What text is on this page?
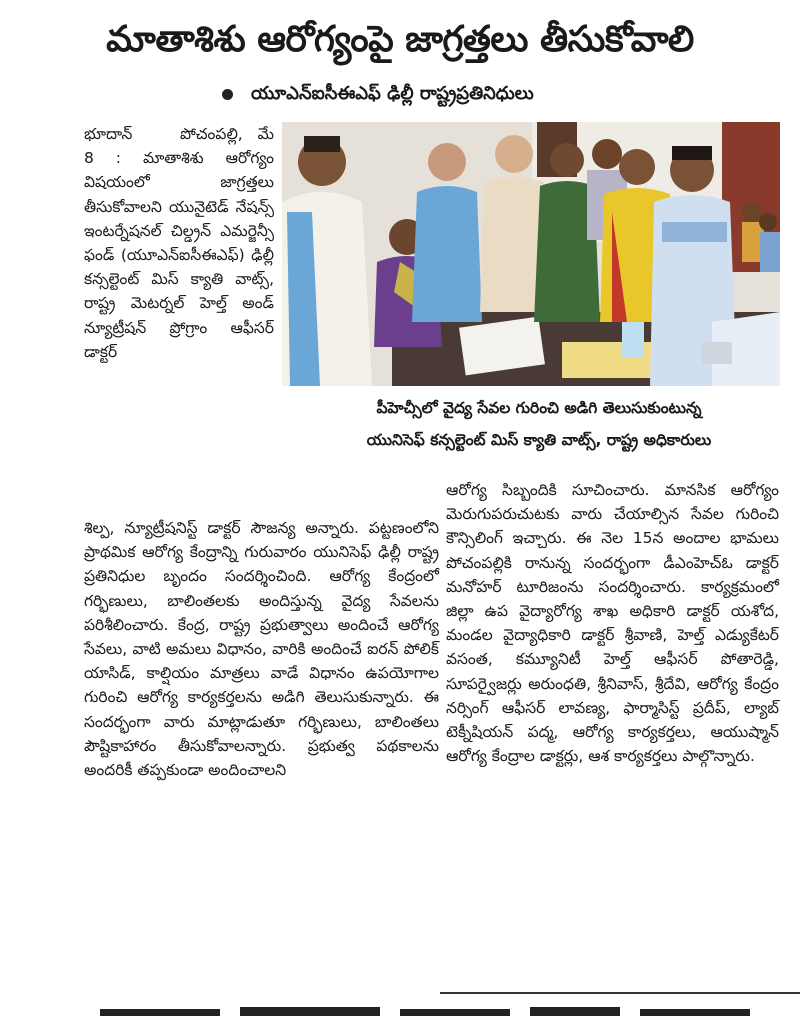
మాతాశిశు ఆరోగ్యంపై జాగ్రత్తలు తీసుకోవాలి
యూఎన్ఐసీఈఎఫ్ ఢిల్లీ రాష్ట్రప్రతినిధులు

భూదాన్	పోచంపల్లి, మే 8 : మాతాశిశు ఆరోగ్యం విషయంలో జాగ్రత్తలు తీసుకోవాలని యునైటెడ్ నేషన్స్ ఇంటర్నేషనల్ చిల్డ్రన్ ఎమర్జెన్సీ ఫండ్ (యూఎన్ఐసీఈఎఫ్) ఢిల్లీ కన్సల్టెంట్ మిస్ క్యాతి వాట్స్, రాష్ట్ర మెటర్నల్ హెల్త్ అండ్ న్యూట్రీషన్ ప్రోగ్రాం ఆఫీసర్ డాక్టర్

పీహెచ్సీలో వైద్య సేవల గురించి అడిగి తెలుసుకుంటున్న
యునిసెఫ్ కన్సల్టెంట్ మిస్ క్యాతి వాట్స్, రాష్ట్ర అధికారులు

శిల్ప, న్యూట్రీషనిస్ట్ డాక్టర్ సౌజన్య అన్నారు. పట్టణంలోని ప్రాథమిక ఆరోగ్య కేంద్రాన్ని గురువారం యునిసెఫ్ ఢిల్లీ రాష్ట్ర ప్రతినిధుల బృందం సందర్శించింది. ఆరోగ్య కేంద్రంలో గర్భిణులు, బాలింతలకు అందిస్తున్న వైద్య సేవలను పరిశీలించారు. కేంద్ర, రాష్ట్ర ప్రభుత్వాలు అందించే ఆరోగ్య సేవలు, వాటి అమలు విధానం, వారికి అందించే ఐరన్ పోలిక్ యాసిడ్, కాల్షియం మాత్రలు వాడే విధానం ఉపయోగాల గురించి ఆరోగ్య కార్యకర్తలను అడిగి తెలుసుకున్నారు. ఈ సందర్భంగా వారు మాట్లాడుతూ గర్భిణులు, బాలింతలు పౌష్టికాహారం తీసుకోవాలన్నారు. ప్రభుత్వ పథకాలను అందరికీ తప్పకుండా అందించాలని

ఆరోగ్య సిబ్బందికి సూచించారు. మానసిక ఆరోగ్యం మెరుగుపరుచుటకు వారు చేయాల్సిన సేవల గురించి కౌన్సిలింగ్ ఇచ్చారు. ఈ నెల 15న అందాల భామలు పోచంపల్లికి రానున్న సందర్భంగా డీఎంహెచ్ఓ డాక్టర్ మనోహర్ టూరిజంను సందర్శించారు. కార్యక్రమంలో జిల్లా ఉప వైద్యారోగ్య శాఖ అధికారి డాక్టర్ యశోద, మండల వైద్యాధికారి డాక్టర్ శ్రీవాణి, హెల్త్ ఎడ్యుకేటర్ వసంత, కమ్యూనిటీ హెల్త్ ఆఫీసర్ పోతారెడ్డి, సూపర్వైజర్లు అరుంధతి, శ్రీనివాస్, శ్రీదేవి, ఆరోగ్య కేంద్రం నర్సింగ్ ఆఫీసర్ లావణ్య, ఫార్మాసిస్ట్ ప్రదీప్, ల్యాబ్ టెక్నీషియన్ పద్మ, ఆరోగ్య కార్యకర్తలు, ఆయుష్మాన్ ఆరోగ్య కేంద్రాల డాక్టర్లు, ఆశ కార్యకర్తలు పాల్గొన్నారు.
